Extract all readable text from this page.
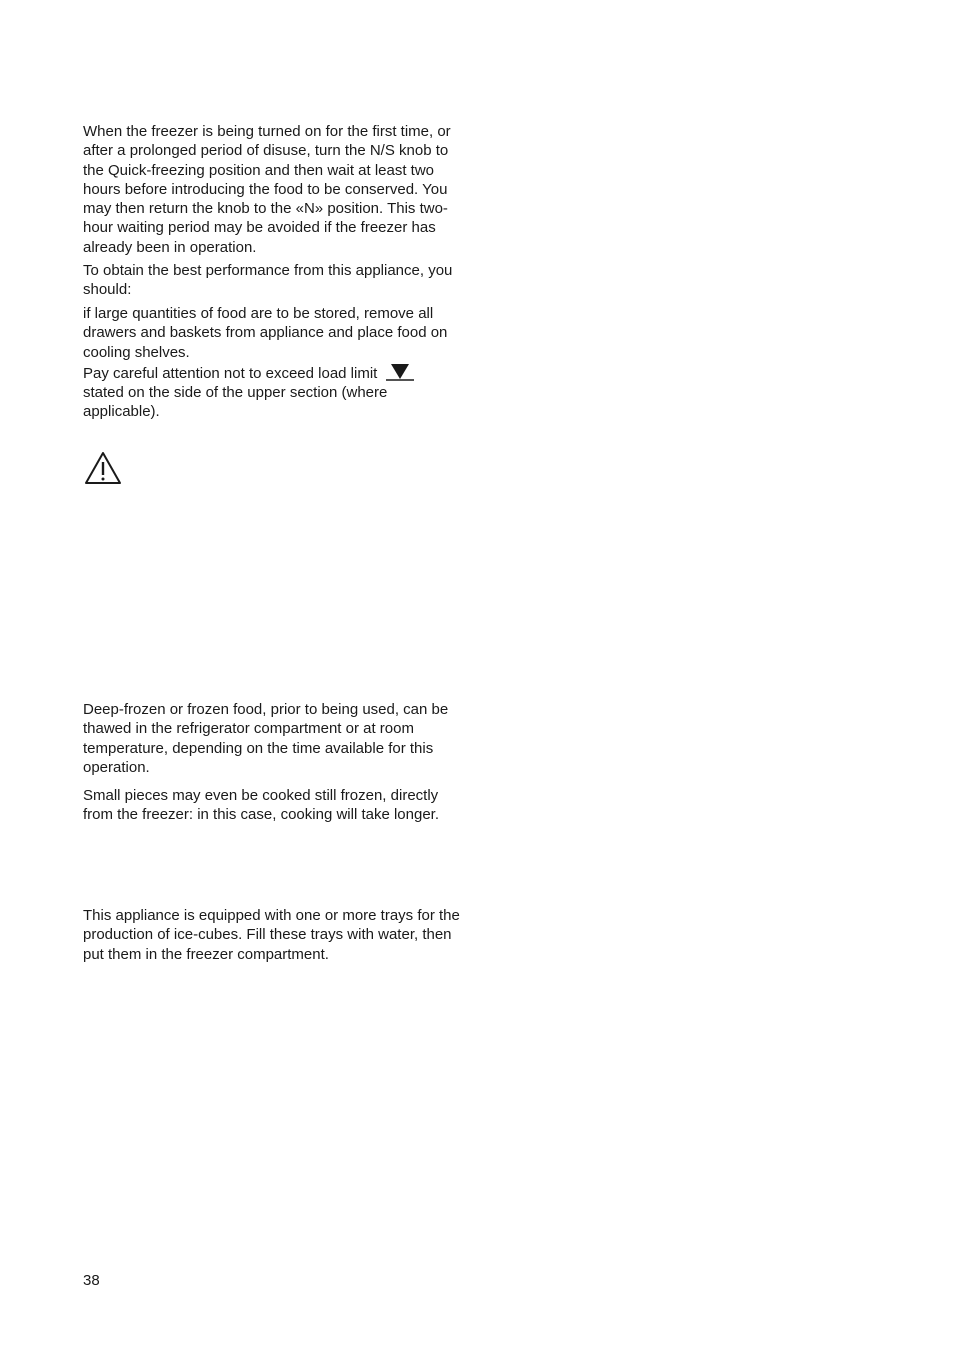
When the freezer is being turned on for the first time, or after a prolonged period of disuse, turn the N/S knob to the Quick-freezing position and then wait at least two hours before introducing the food to be conserved. You may then return the knob to the «N» position. This two-hour waiting period may be avoided if the freezer has already been in operation.

To obtain the best performance from this appliance, you should:

if large quantities of food are to be stored, remove all drawers and baskets from appliance and place food on cooling shelves.
Pay careful attention not to exceed load limit
stated on the side of the upper section (where applicable).

Deep-frozen or frozen food, prior to being used, can be thawed in the refrigerator compartment or at room temperature, depending on the time available for this operation.

Small pieces may even be cooked still frozen, directly from the freezer: in this case, cooking will take longer.

This appliance is equipped with one or more trays for the production of ice-cubes. Fill these trays with water, then put them in the freezer compartment.

38
